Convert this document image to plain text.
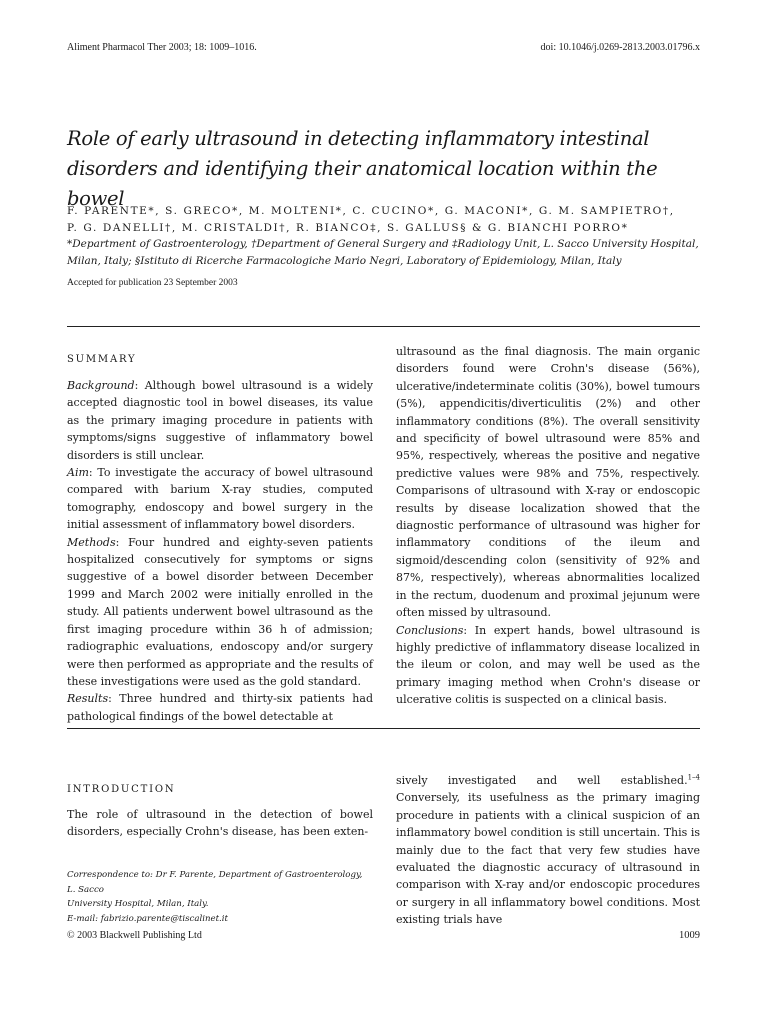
Aliment Pharmacol Ther 2003; 18: 1009–1016.	doi: 10.1046/j.0269-2813.2003.01796.x
Role of early ultrasound in detecting inflammatory intestinal disorders and identifying their anatomical location within the bowel
F. PARENTE*, S. GRECO*, M. MOLTENI*, C. CUCINO*, G. MACONI*, G. M. SAMPIETRO†,
P. G. DANELLI†, M. CRISTALDI†, R. BIANCO‡, S. GALLUS§ & G. BIANCHI PORRO*
*Department of Gastroenterology, †Department of General Surgery and ‡Radiology Unit, L. Sacco University Hospital, Milan, Italy; §Istituto di Ricerche Farmacologiche Mario Negri, Laboratory of Epidemiology, Milan, Italy
Accepted for publication 23 September 2003
SUMMARY

Background: Although bowel ultrasound is a widely accepted diagnostic tool in bowel diseases, its value as the primary imaging procedure in patients with symptoms/signs suggestive of inflammatory bowel disorders is still unclear.

Aim: To investigate the accuracy of bowel ultrasound compared with barium X-ray studies, computed tomography, endoscopy and bowel surgery in the initial assessment of inflammatory bowel disorders.

Methods: Four hundred and eighty-seven patients hospitalized consecutively for symptoms or signs suggestive of a bowel disorder between December 1999 and March 2002 were initially enrolled in the study. All patients underwent bowel ultrasound as the first imaging procedure within 36 h of admission; radiographic evaluations, endoscopy and/or surgery were then performed as appropriate and the results of these investigations were used as the gold standard.

Results: Three hundred and thirty-six patients had pathological findings of the bowel detectable at

ultrasound as the final diagnosis. The main organic disorders found were Crohn's disease (56%), ulcerative/indeterminate colitis (30%), bowel tumours (5%), appendicitis/diverticulitis (2%) and other inflammatory conditions (8%). The overall sensitivity and specificity of bowel ultrasound were 85% and 95%, respectively, whereas the positive and negative predictive values were 98% and 75%, respectively. Comparisons of ultrasound with X-ray or endoscopic results by disease localization showed that the diagnostic performance of ultrasound was higher for inflammatory conditions of the ileum and sigmoid/descending colon (sensitivity of 92% and 87%, respectively), whereas abnormalities localized in the rectum, duodenum and proximal jejunum were often missed by ultrasound.

Conclusions: In expert hands, bowel ultrasound is highly predictive of inflammatory disease localized in the ileum or colon, and may well be used as the primary imaging method when Crohn's disease or ulcerative colitis is suspected on a clinical basis.

INTRODUCTION

The role of ultrasound in the detection of bowel disorders, especially Crohn's disease, has been exten-

sively investigated and well established.$^{1-4}$ Conversely, its usefulness as the primary imaging procedure in patients with a clinical suspicion of an inflammatory bowel condition is still uncertain. This is mainly due to the fact that very few studies have evaluated the diagnostic accuracy of ultrasound in comparison with X-ray and/or endoscopic procedures or surgery in all inflammatory bowel conditions. Most existing trials have

Correspondence to: Dr F. Parente, Department of Gastroenterology, L. Sacco
University Hospital, Milan, Italy.
E-mail: fabrizio.parente@tiscalinet.it
© 2003 Blackwell Publishing Ltd	1009
